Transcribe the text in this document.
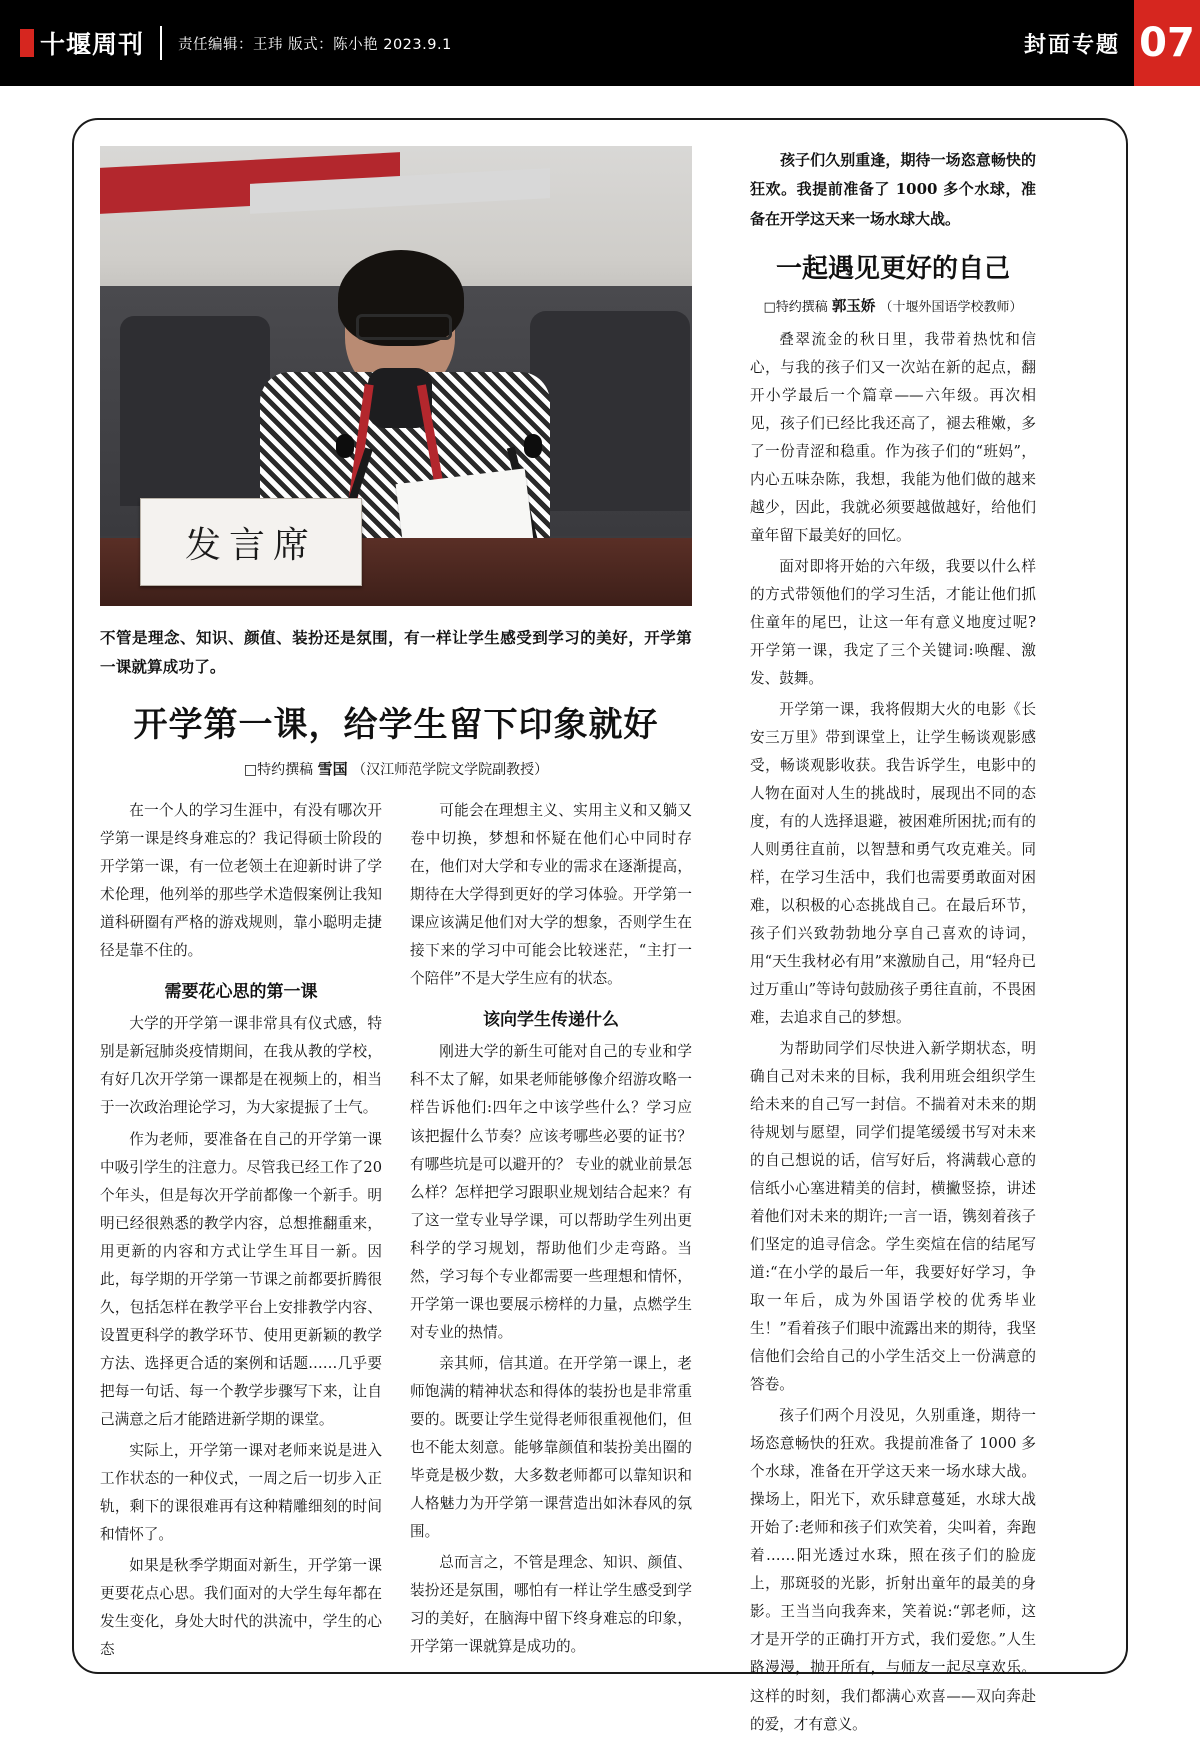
十堰周刊 责任编辑：王玮 版式：陈小艳 2023.9.1	封面专题 07
发言席
不管是理念、知识、颜值、装扮还是氛围，有一样让学生感受到学习的美好，开学第一课就算成功了。
开学第一课，给学生留下印象就好
□特约撰稿 雪国 （汉江师范学院文学院副教授）

在一个人的学习生涯中，有没有哪次开学第一课是终身难忘的？我记得硕士阶段的开学第一课，有一位老领土在迎新时讲了学术伦理，他列举的那些学术造假案例让我知道科研圈有严格的游戏规则，靠小聪明走捷径是靠不住的。

需要花心思的第一课

大学的开学第一课非常具有仪式感，特别是新冠肺炎疫情期间，在我从教的学校，有好几次开学第一课都是在视频上的，相当于一次政治理论学习，为大家提振了士气。

作为老师，要准备在自己的开学第一课中吸引学生的注意力。尽管我已经工作了20个年头，但是每次开学前都像一个新手。明明已经很熟悉的教学内容，总想推翻重来，用更新的内容和方式让学生耳目一新。因此，每学期的开学第一节课之前都要折腾很久，包括怎样在教学平台上安排教学内容、设置更科学的教学环节、使用更新颖的教学方法、选择更合适的案例和话题……几乎要把每一句话、每一个教学步骤写下来，让自己满意之后才能踏进新学期的课堂。

实际上，开学第一课对老师来说是进入工作状态的一种仪式，一周之后一切步入正轨，剩下的课很难再有这种精雕细刻的时间和情怀了。

如果是秋季学期面对新生，开学第一课更要花点心思。我们面对的大学生每年都在发生变化，身处大时代的洪流中，学生的心态

可能会在理想主义、实用主义和又躺又卷中切换，梦想和怀疑在他们心中同时存在，他们对大学和专业的需求在逐渐提高，期待在大学得到更好的学习体验。开学第一课应该满足他们对大学的想象，否则学生在接下来的学习中可能会比较迷茫，“主打一个陪伴”不是大学生应有的状态。

该向学生传递什么

刚进大学的新生可能对自己的专业和学科不太了解，如果老师能够像介绍游攻略一样告诉他们:四年之中该学些什么？学习应该把握什么节奏？应该考哪些必要的证书？有哪些坑是可以避开的？ 专业的就业前景怎么样？怎样把学习跟职业规划结合起来？有了这一堂专业导学课，可以帮助学生列出更科学的学习规划，帮助他们少走弯路。当然，学习每个专业都需要一些理想和情怀，开学第一课也要展示榜样的力量，点燃学生对专业的热情。

亲其师，信其道。在开学第一课上，老师饱满的精神状态和得体的装扮也是非常重要的。既要让学生觉得老师很重视他们，但也不能太刻意。能够靠颜值和装扮美出圈的毕竟是极少数，大多数老师都可以靠知识和人格魅力为开学第一课营造出如沐春风的氛围。

总而言之，不管是理念、知识、颜值、装扮还是氛围，哪怕有一样让学生感受到学习的美好，在脑海中留下终身难忘的印象，开学第一课就算是成功的。

孩子们久别重逢，期待一场恣意畅快的狂欢。我提前准备了 1000 多个水球，准备在开学这天来一场水球大战。
一起遇见更好的自己
□特约撰稿 郭玉娇 （十堰外国语学校教师）

叠翠流金的秋日里，我带着热忱和信心，与我的孩子们又一次站在新的起点，翻开小学最后一个篇章——六年级。再次相见，孩子们已经比我还高了，褪去稚嫩，多了一份青涩和稳重。作为孩子们的“班妈”，内心五味杂陈，我想，我能为他们做的越来越少，因此，我就必须要越做越好，给他们童年留下最美好的回忆。

面对即将开始的六年级，我要以什么样的方式带领他们的学习生活，才能让他们抓住童年的尾巴，让这一年有意义地度过呢? 开学第一课，我定了三个关键词:唤醒、激发、鼓舞。

开学第一课，我将假期大火的电影《长安三万里》带到课堂上，让学生畅谈观影感受，畅谈观影收获。我告诉学生，电影中的人物在面对人生的挑战时，展现出不同的态度，有的人选择退避，被困难所困扰;而有的人则勇往直前，以智慧和勇气攻克难关。同样，在学习生活中，我们也需要勇敢面对困难，以积极的心态挑战自己。在最后环节，孩子们兴致勃勃地分享自己喜欢的诗词，用“天生我材必有用”来激励自己，用“轻舟已过万重山”等诗句鼓励孩子勇往直前，不畏困难，去追求自己的梦想。

为帮助同学们尽快进入新学期状态，明确自己对未来的目标，我利用班会组织学生给未来的自己写一封信。不揣着对未来的期待规划与愿望，同学们提笔缓缓书写对未来的自己想说的话，信写好后，将满载心意的信纸小心塞进精美的信封，横撇竖捺，讲述着他们对未来的期许;一言一语，镌刻着孩子们坚定的追寻信念。学生奕煊在信的结尾写道:“在小学的最后一年，我要好好学习，争取一年后，成为外国语学校的优秀毕业生！”看着孩子们眼中流露出来的期待，我坚信他们会给自己的小学生活交上一份满意的答卷。

孩子们两个月没见，久别重逢，期待一场恣意畅快的狂欢。我提前准备了 1000 多个水球，准备在开学这天来一场水球大战。操场上，阳光下，欢乐肆意蔓延，水球大战开始了:老师和孩子们欢笑着，尖叫着，奔跑着……阳光透过水珠，照在孩子们的脸庞上，那斑驳的光影，折射出童年的最美的身影。王当当向我奔来，笑着说:“郭老师，这才是开学的正确打开方式，我们爱您。”人生路漫漫，抛开所有，与师友一起尽享欢乐。这样的时刻，我们都满心欢喜——双向奔赴的爱，才有意义。
